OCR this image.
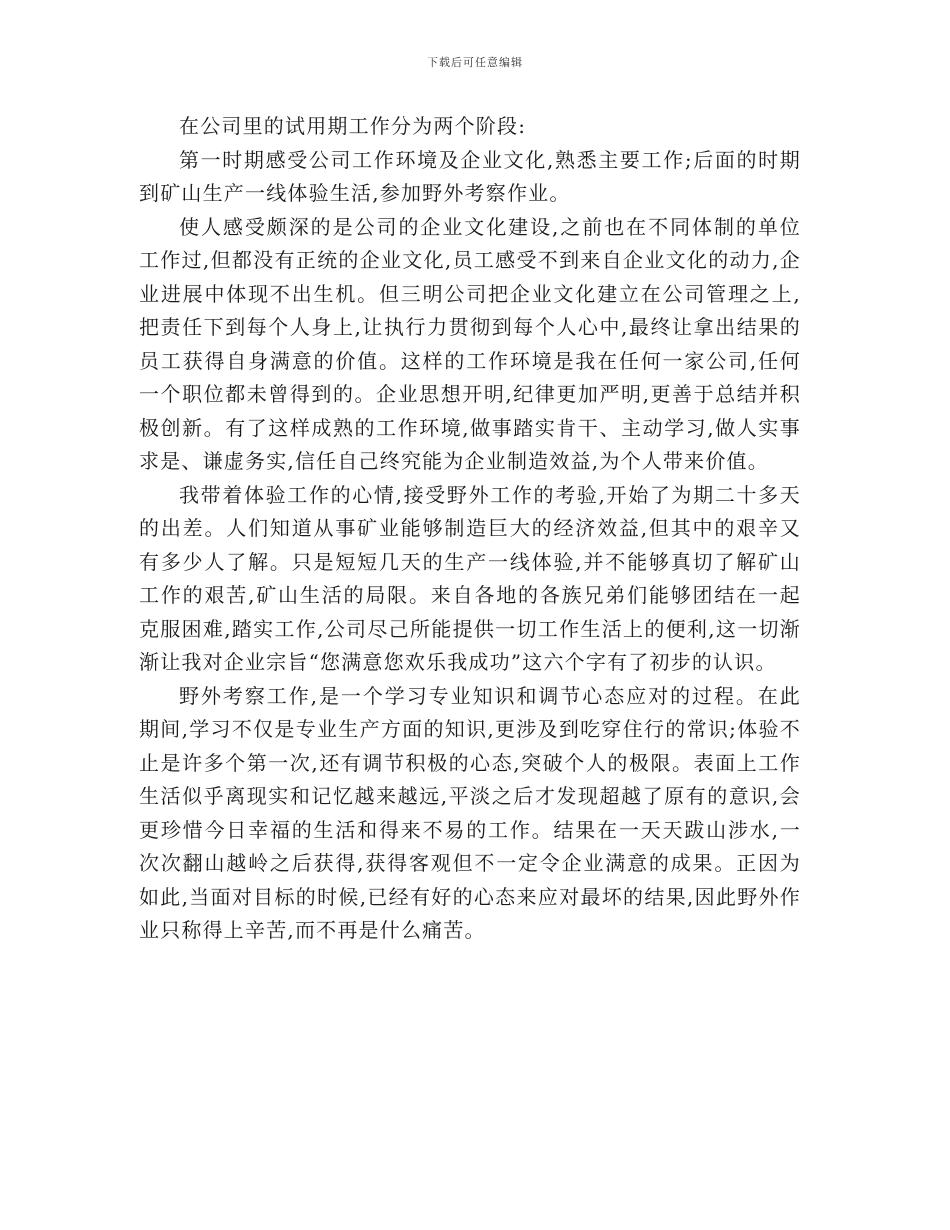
下载后可任意编辑

在公司里的试用期工作分为两个阶段:

第一时期感受公司工作环境及企业文化,熟悉主要工作;后面的时期到矿山生产一线体验生活,参加野外考察作业。

使人感受颇深的是公司的企业文化建设,之前也在不同体制的单位工作过,但都没有正统的企业文化,员工感受不到来自企业文化的动力,企业进展中体现不出生机。但三明公司把企业文化建立在公司管理之上,把责任下到每个人身上,让执行力贯彻到每个人心中,最终让拿出结果的员工获得自身满意的价值。这样的工作环境是我在任何一家公司,任何一个职位都未曾得到的。企业思想开明,纪律更加严明,更善于总结并积极创新。有了这样成熟的工作环境,做事踏实肯干、主动学习,做人实事求是、谦虚务实,信任自己终究能为企业制造效益,为个人带来价值。

我带着体验工作的心情,接受野外工作的考验,开始了为期二十多天的出差。人们知道从事矿业能够制造巨大的经济效益,但其中的艰辛又有多少人了解。只是短短几天的生产一线体验,并不能够真切了解矿山工作的艰苦,矿山生活的局限。来自各地的各族兄弟们能够团结在一起克服困难,踏实工作,公司尽己所能提供一切工作生活上的便利,这一切渐渐让我对企业宗旨“您满意您欢乐我成功”这六个字有了初步的认识。

野外考察工作,是一个学习专业知识和调节心态应对的过程。在此期间,学习不仅是专业生产方面的知识,更涉及到吃穿住行的常识;体验不止是许多个第一次,还有调节积极的心态,突破个人的极限。表面上工作生活似乎离现实和记忆越来越远,平淡之后才发现超越了原有的意识,会更珍惜今日幸福的生活和得来不易的工作。结果在一天天跋山涉水,一次次翻山越岭之后获得,获得客观但不一定令企业满意的成果。正因为如此,当面对目标的时候,已经有好的心态来应对最坏的结果,因此野外作业只称得上辛苦,而不再是什么痛苦。
